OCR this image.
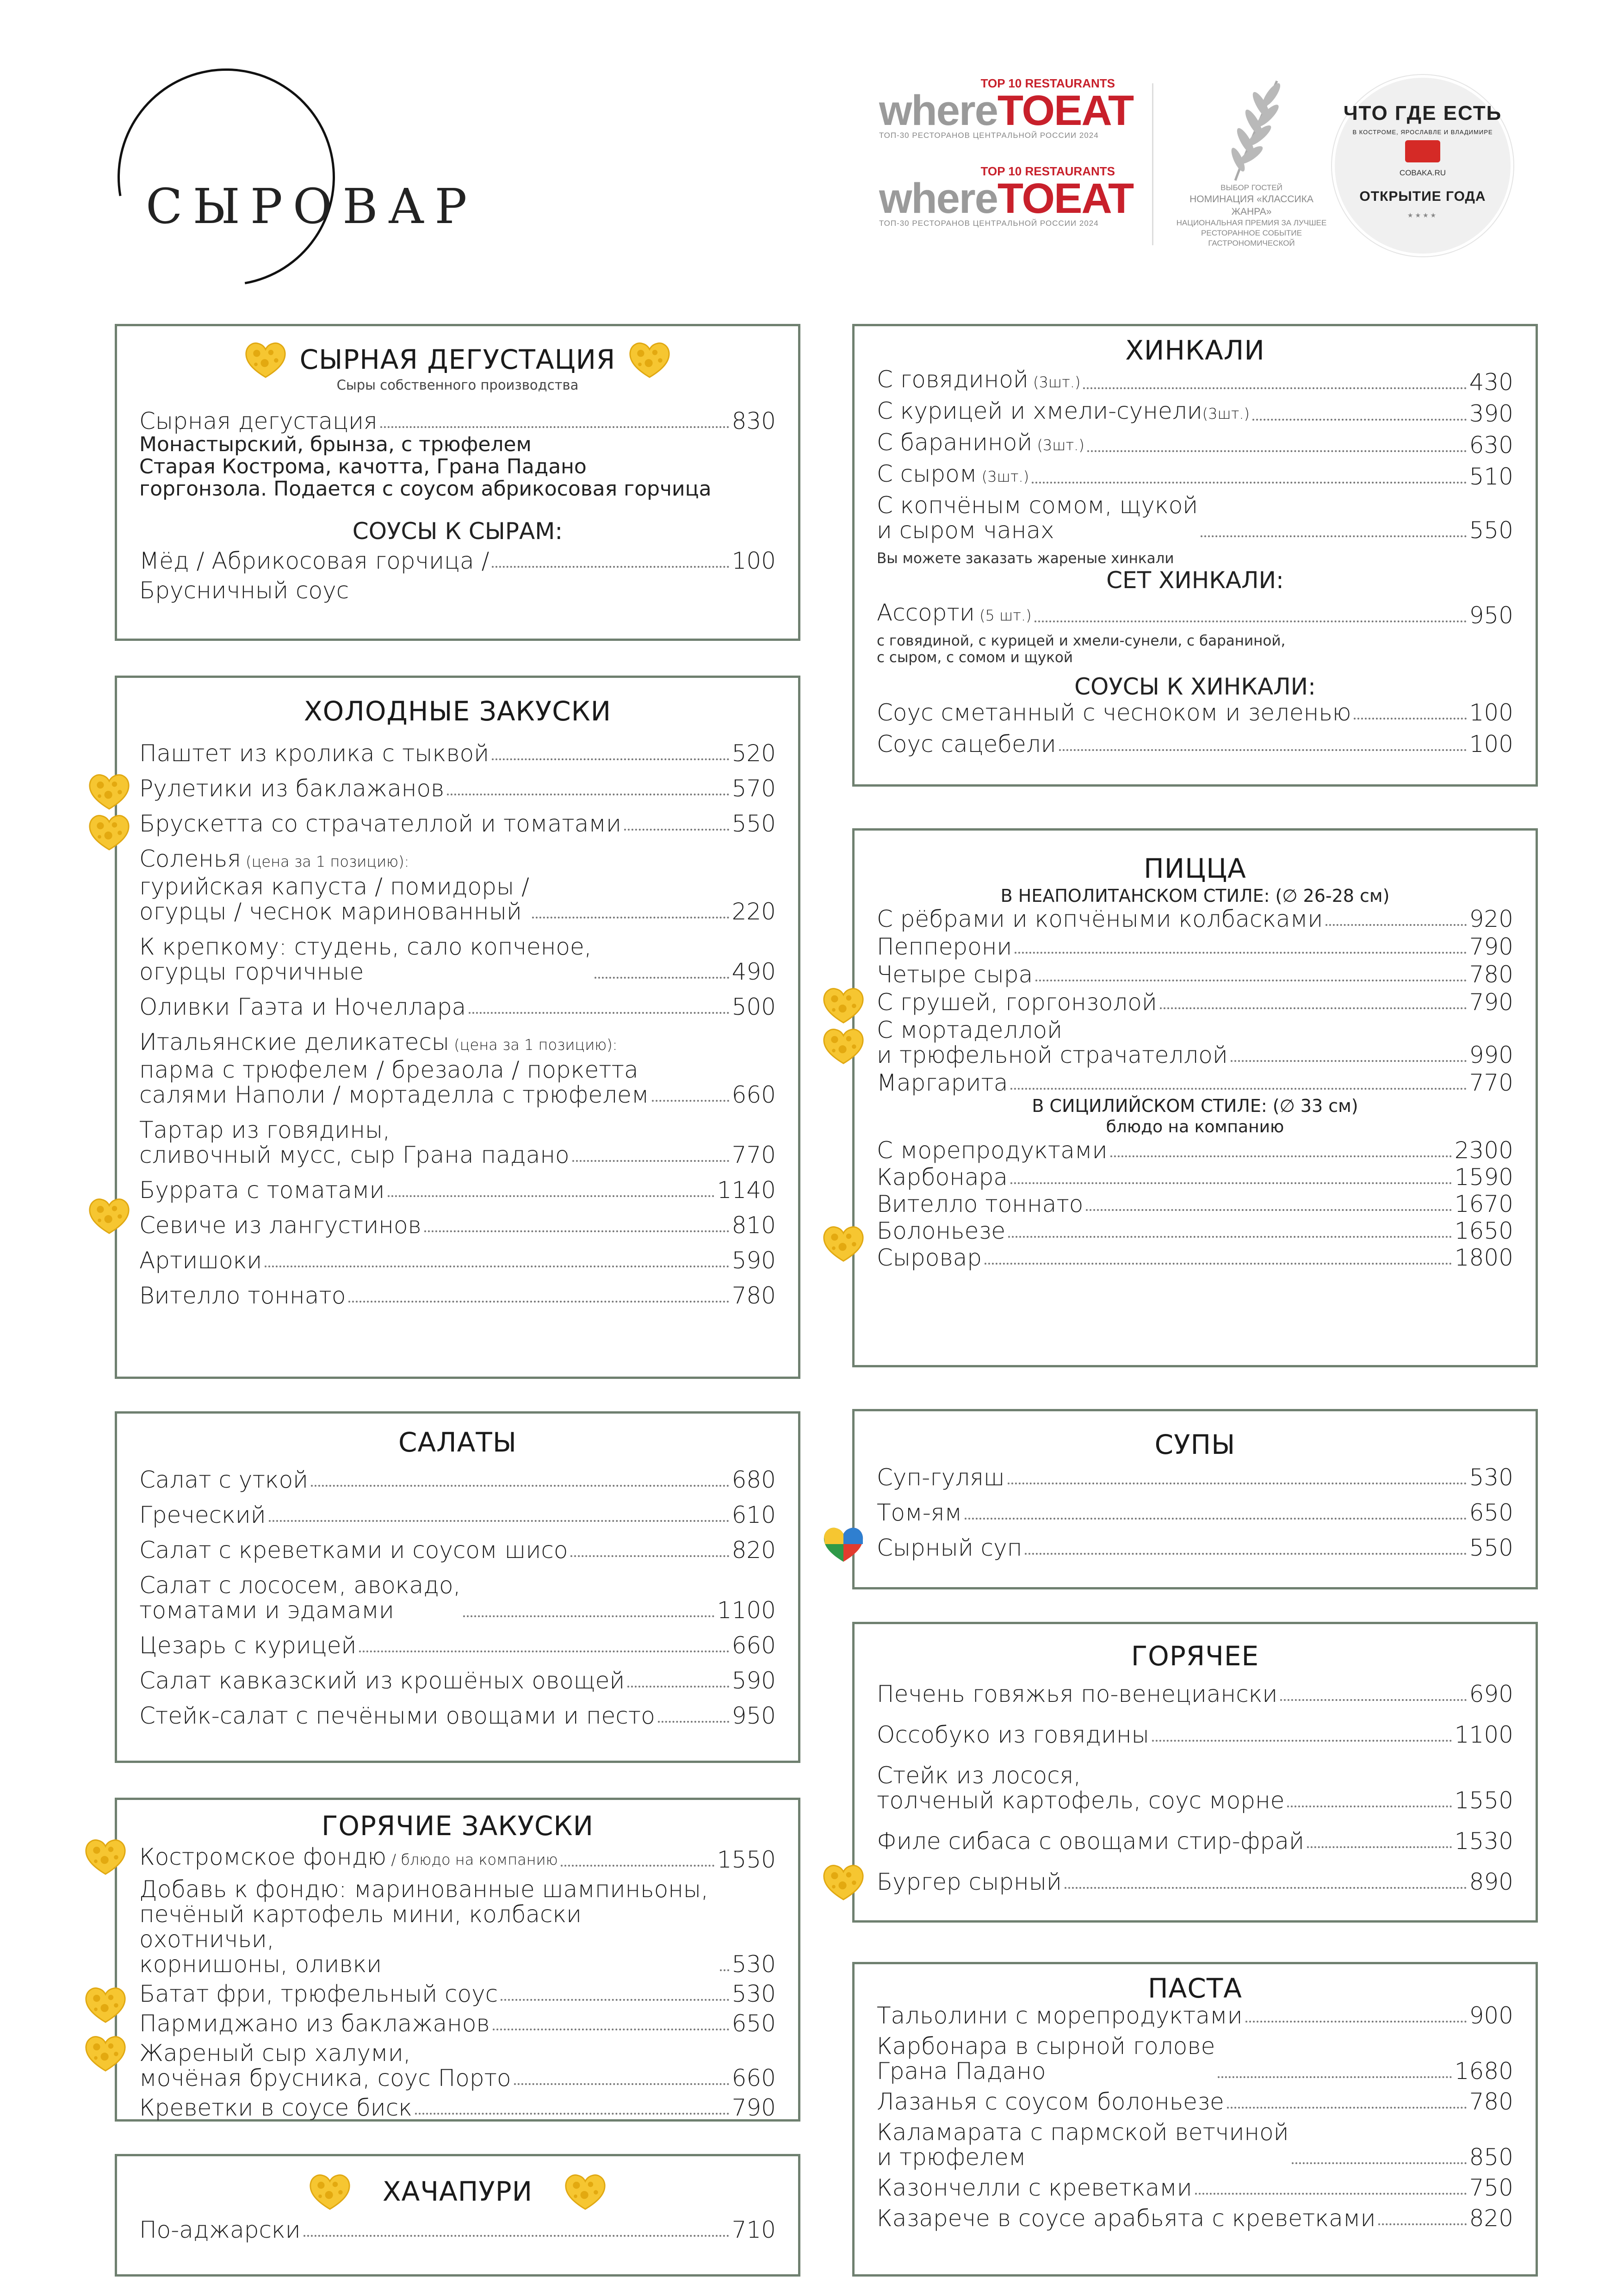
СЫРОВАР
TOP 10 RESTAURANTS
whereTOEAT
ТОП-30 РЕСТОРАНОВ ЦЕНТРАЛЬНОЙ РОССИИ 2024
TOP 10 RESTAURANTS
whereTOEAT
ТОП-30 РЕСТОРАНОВ ЦЕНТРАЛЬНОЙ РОССИИ 2024
ВЫБОР ГОСТЕЙ
НОМИНАЦИЯ «КЛАССИКА ЖАНРА»
НАЦИОНАЛЬНАЯ ПРЕМИЯ ЗА ЛУЧШЕЕ РЕСТОРАННОЕ СОБЫТИЕ ГАСТРОНОМИЧЕСКОЙ
ЧТО ГДЕ ЕСТЬ
В КОСТРОМЕ, ЯРОСЛАВЛЕ И ВЛАДИМИРЕ
COBAKA.RU
ОТКРЫТИЕ ГОДА
★★★★
СЫРНАЯ ДЕГУСТАЦИЯ
Сыры собственного производства
Сырная дегустация	830
Монастырский, брынза, с трюфелем
Старая Кострома, качотта, Грана Падано
горгонзола. Подается с соусом абрикосовая горчица
СОУСЫ К СЫРАМ:
Мёд / Абрикосовая горчица /	100
Брусничный соус
ХОЛОДНЫЕ ЗАКУСКИ
Паштет из кролика с тыквой	520
Рулетики из баклажанов	570
Брускетта со страчателлой и томатами	550
Соленья (цена за 1 позицию):
гурийская капуста / помидоры /
огурцы / чеснок маринованный	220
К крепкому: студень, сало копченое,
огурцы горчичные	490
Оливки Гаэта и Ночеллара	500
Итальянские деликатесы (цена за 1 позицию):
парма с трюфелем / брезаола / поркетта
салями Наполи / мортаделла с трюфелем	660
Тартар из говядины,
сливочный мусс, сыр Грана падано	770
Буррата с томатами	1140
Севиче из лангустинов	810
Артишоки	590
Вителло тоннато	780
САЛАТЫ
Салат с уткой	680
Греческий	610
Салат с креветками и соусом шисо	820
Салат с лососем, авокадо,
томатами и эдамами	1100
Цезарь с курицей	660
Салат кавказский из крошёных овощей	590
Стейк-салат с печёными овощами и песто	950
ГОРЯЧИЕ ЗАКУСКИ
Костромское фондю / блюдо на компанию	1550
Добавь к фондю: маринованные шампиньоны,
печёный картофель мини, колбаски охотничьи,
корнишоны, оливки	530
Батат фри, трюфельный соус	530
Пармиджано из баклажанов	650
Жареный сыр халуми,
мочёная брусника, соус Порто	660
Креветки в соусе биск	790
ХАЧАПУРИ
По-аджарски	710
ХИНКАЛИ
С говядиной (3шт.)	430
С курицей и хмели-сунели(3шт.)	390
С бараниной (3шт.)	630
С сыром (3шт.)	510
С копчёным сомом, щукой
и сыром чанах	550
Вы можете заказать жареные хинкали
СЕТ ХИНКАЛИ:
Ассорти (5 шт.)	950
с говядиной, с курицей и хмели-сунели, с бараниной,
с сыром, с сомом и щукой
СОУСЫ К ХИНКАЛИ:
Соус сметанный с чесноком и зеленью	100
Соус сацебели	100
ПИЦЦА
В НЕАПОЛИТАНСКОМ СТИЛЕ: (∅ 26-28 см)
С рёбрами и копчёными колбасками	920
Пепперони	790
Четыре сыра	780
С грушей, горгонзолой	790
С мортаделлой
и трюфельной страчателлой	990
Маргарита	770
В СИЦИЛИЙСКОМ СТИЛЕ: (∅ 33 см)
блюдо на компанию
С морепродуктами	2300
Карбонара	1590
Вителло тоннато	1670
Болоньезе	1650
Сыровар	1800
СУПЫ
Суп-гуляш	530
Том-ям	650
Сырный суп	550
ГОРЯЧЕЕ
Печень говяжья по-венециански	690
Оссобуко из говядины	1100
Стейк из лосося,
толченый картофель, соус морне	1550
Филе сибаса с овощами стир-фрай	1530
Бургер сырный	890
ПАСТА
Тальолини с морепродуктами	900
Карбонара в сырной голове
Грана Падано	1680
Лазанья с соусом болоньезе	780
Каламарата с пармской ветчиной
и трюфелем	850
Казончелли с креветками	750
Казарече в соусе арабьята с креветками	820
